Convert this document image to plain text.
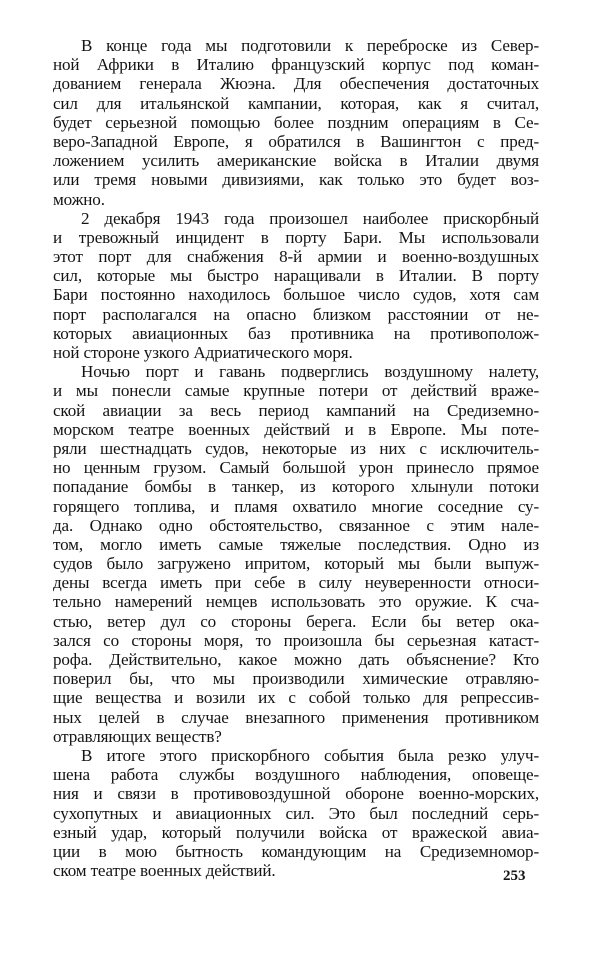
В конце года мы подготовили к переброске из Север-
ной Африки в Италию французский корпус под коман-
дованием генерала Жюэна. Для обеспечения достаточных
сил для итальянской кампании, которая, как я считал,
будет серьезной помощью более поздним операциям в Се-
веро-Западной Европе, я обратился в Вашингтон с пред-
ложением усилить американские войска в Италии двумя
или тремя новыми дивизиями, как только это будет воз-
можно.
2 декабря 1943 года произошел наиболее прискорбный
и тревожный инцидент в порту Бари. Мы использовали
этот порт для снабжения 8-й армии и военно-воздушных
сил, которые мы быстро наращивали в Италии. В порту
Бари постоянно находилось большое число судов, хотя сам
порт располагался на опасно близком расстоянии от не-
которых авиационных баз противника на противополож-
ной стороне узкого Адриатического моря.
Ночью порт и гавань подверглись воздушному налету,
и мы понесли самые крупные потери от действий враже-
ской авиации за весь период кампаний на Средиземно-
морском театре военных действий и в Европе. Мы поте-
ряли шестнадцать судов, некоторые из них с исключитель-
но ценным грузом. Самый большой урон принесло прямое
попадание бомбы в танкер, из которого хлынули потоки
горящего топлива, и пламя охватило многие соседние су-
да. Однако одно обстоятельство, связанное с этим нале-
том, могло иметь самые тяжелые последствия. Одно из
судов было загружено ипритом, который мы были выпуж-
дены всегда иметь при себе в силу неуверенности относи-
тельно намерений немцев использовать это оружие. К сча-
стью, ветер дул со стороны берега. Если бы ветер ока-
зался со стороны моря, то произошла бы серьезная катаст-
рофа. Действительно, какое можно дать объяснение? Кто
поверил бы, что мы производили химические отравляю-
щие вещества и возили их с собой только для репрессив-
ных целей в случае внезапного применения противником
отравляющих веществ?
В итоге этого прискорбного события была резко улуч-
шена работа службы воздушного наблюдения, оповеще-
ния и связи в противовоздушной обороне военно-морских,
сухопутных и авиационных сил. Это был последний серь-
езный удар, который получили войска от вражеской авиа-
ции в мою бытность командующим на Средиземномор-
ском театре военных действий.	253
